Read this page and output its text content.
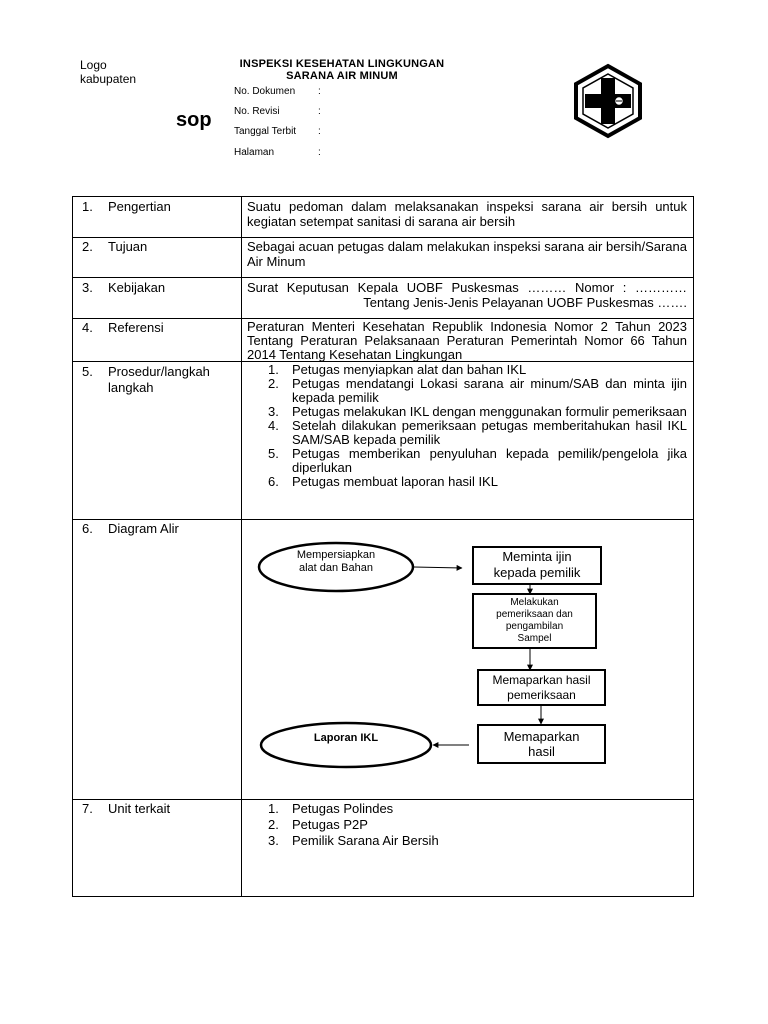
Logo
kabupaten
INSPEKSI KESEHATAN LINGKUNGAN
SARANA AIR MINUM
sop
No. Dokumen :
No. Revisi	:
Tanggal Terbit :
Halaman	:
1. Pengertian	Suatu pedoman dalam melaksanakan inspeksi sarana air bersih untuk kegiatan setempat sanitasi di sarana air bersih
2. Tujuan	Sebagai acuan petugas dalam melakukan inspeksi sarana air bersih/Sarana Air Minum
3. Kebijakan	Surat Keputusan Kepala UOBF Puskesmas ……… Nomor : ………… Tentang Jenis-Jenis Pelayanan UOBF Puskesmas …….
4. Referensi	Peraturan Menteri Kesehatan Republik Indonesia Nomor 2 Tahun 2023 Tentang Peraturan Pelaksanaan Peraturan Pemerintah Nomor 66 Tahun 2014 Tentang Kesehatan Lingkungan
5. Prosedur/langkah
langkah
1.	Petugas menyiapkan alat dan bahan IKL
2.	Petugas mendatangi Lokasi sarana air minum/SAB dan minta ijin kepada pemilik
3.	Petugas melakukan IKL dengan menggunakan formulir pemeriksaan
4.	Setelah dilakukan pemeriksaan petugas memberitahukan hasil IKL SAM/SAB kepada pemilik
5.	Petugas memberikan penyuluhan kepada pemilik/pengelola jika diperlukan
6.	Petugas membuat laporan hasil IKL
6. Diagram Alir
7. Unit terkait	1.	Petugas Polindes
2.	Petugas P2P
3.	Pemilik Sarana Air Bersih
Mempersiapkan
alat dan Bahan
Meminta ijin
kepada pemilik
Melakukan
pemeriksaan dan
pengambilan
Sampel
Memaparkan hasil
pemeriksaan
Memaparkan
hasil
Laporan IKL
